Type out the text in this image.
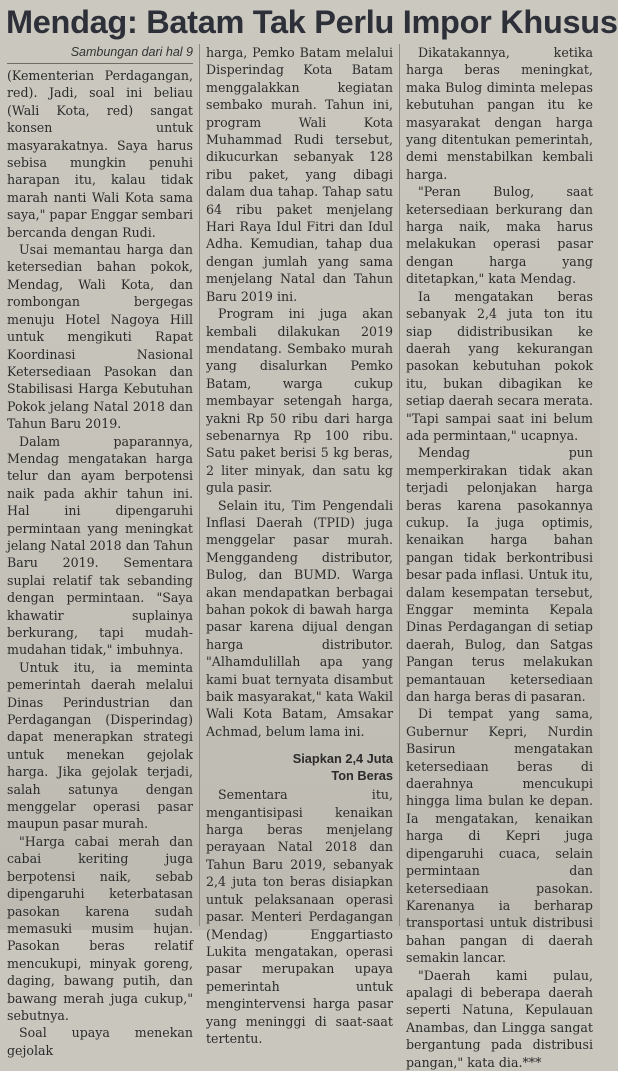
Mendag: Batam Tak Perlu Impor Khusus
Sambungan dari hal 9

(Kementerian Perdagangan, red). Jadi, soal ini beliau (Wali Kota, red) sangat konsen untuk masyarakatnya. Saya harus sebisa mungkin penuhi harapan itu, kalau tidak marah nanti Wali Kota sama saya," papar Enggar sembari bercanda dengan Rudi.

Usai memantau harga dan ketersedian bahan pokok, Mendag, Wali Kota, dan rombongan bergegas menuju Hotel Nagoya Hill untuk mengikuti Rapat Koordinasi Nasional Ketersediaan Pasokan dan Stabilisasi Harga Kebutuhan Pokok jelang Natal 2018 dan Tahun Baru 2019.

Dalam paparannya, Mendag mengatakan harga telur dan ayam berpotensi naik pada akhir tahun ini. Hal ini dipengaruhi permintaan yang meningkat jelang Natal 2018 dan Tahun Baru 2019. Sementara suplai relatif tak sebanding dengan permintaan. "Saya khawatir suplainya berkurang, tapi mudah-mudahan tidak," imbuhnya.

Untuk itu, ia meminta pemerintah daerah melalui Dinas Perindustrian dan Perdagangan (Disperindag) dapat menerapkan strategi untuk menekan gejolak harga. Jika gejolak terjadi, salah satunya dengan menggelar operasi pasar maupun pasar murah.

"Harga cabai merah dan cabai keriting juga berpotensi naik, sebab dipengaruhi keterbatasan pasokan karena sudah memasuki musim hujan. Pasokan beras relatif mencukupi, minyak goreng, daging, bawang putih, dan bawang merah juga cukup," sebutnya.

Soal upaya menekan gejolak

harga, Pemko Batam melalui Disperindag Kota Batam menggalakkan kegiatan sembako murah. Tahun ini, program Wali Kota Muhammad Rudi tersebut, dikucurkan sebanyak 128 ribu paket, yang dibagi dalam dua tahap. Tahap satu 64 ribu paket menjelang Hari Raya Idul Fitri dan Idul Adha. Kemudian, tahap dua dengan jumlah yang sama menjelang Natal dan Tahun Baru 2019 ini.

Program ini juga akan kembali dilakukan 2019 mendatang. Sembako murah yang disalurkan Pemko Batam, warga cukup membayar setengah harga, yakni Rp 50 ribu dari harga sebenarnya Rp 100 ribu. Satu paket berisi 5 kg beras, 2 liter minyak, dan satu kg gula pasir.

Selain itu, Tim Pengendali Inflasi Daerah (TPID) juga menggelar pasar murah. Menggandeng distributor, Bulog, dan BUMD. Warga akan mendapatkan berbagai bahan pokok di bawah harga pasar karena dijual dengan harga distributor. "Alhamdulillah apa yang kami buat ternyata disambut baik masyarakat," kata Wakil Wali Kota Batam, Amsakar Achmad, belum lama ini.

Siapkan 2,4 Juta
Ton Beras

Sementara itu, mengantisipasi kenaikan harga beras menjelang perayaan Natal 2018 dan Tahun Baru 2019, sebanyak 2,4 juta ton beras disiapkan untuk pelaksanaan operasi pasar. Menteri Perdagangan (Mendag) Enggartiasto Lukita mengatakan, operasi pasar merupakan upaya pemerintah untuk mengintervensi harga pasar yang meninggi di saat-saat tertentu.

Dikatakannya, ketika harga beras meningkat, maka Bulog diminta melepas kebutuhan pangan itu ke masyarakat dengan harga yang ditentukan pemerintah, demi menstabilkan kembali harga.

"Peran Bulog, saat ketersediaan berkurang dan harga naik, maka harus melakukan operasi pasar dengan harga yang ditetapkan," kata Mendag.

Ia mengatakan beras sebanyak 2,4 juta ton itu siap didistribusikan ke daerah yang kekurangan pasokan kebutuhan pokok itu, bukan dibagikan ke setiap daerah secara merata. "Tapi sampai saat ini belum ada permintaan," ucapnya.

Mendag pun memperkirakan tidak akan terjadi pelonjakan harga beras karena pasokannya cukup. Ia juga optimis, kenaikan harga bahan pangan tidak berkontribusi besar pada inflasi. Untuk itu, dalam kesempatan tersebut, Enggar meminta Kepala Dinas Perdagangan di setiap daerah, Bulog, dan Satgas Pangan terus melakukan pemantauan ketersediaan dan harga beras di pasaran.

Di tempat yang sama, Gubernur Kepri, Nurdin Basirun mengatakan ketersediaan beras di daerahnya mencukupi hingga lima bulan ke depan. Ia mengatakan, kenaikan harga di Kepri juga dipengaruhi cuaca, selain permintaan dan ketersediaan pasokan. Karenanya ia berharap transportasi untuk distribusi bahan pangan di daerah semakin lancar.

"Daerah kami pulau, apalagi di beberapa daerah seperti Natuna, Kepulauan Anambas, dan Lingga sangat bergantung pada distribusi pangan," kata dia.***
